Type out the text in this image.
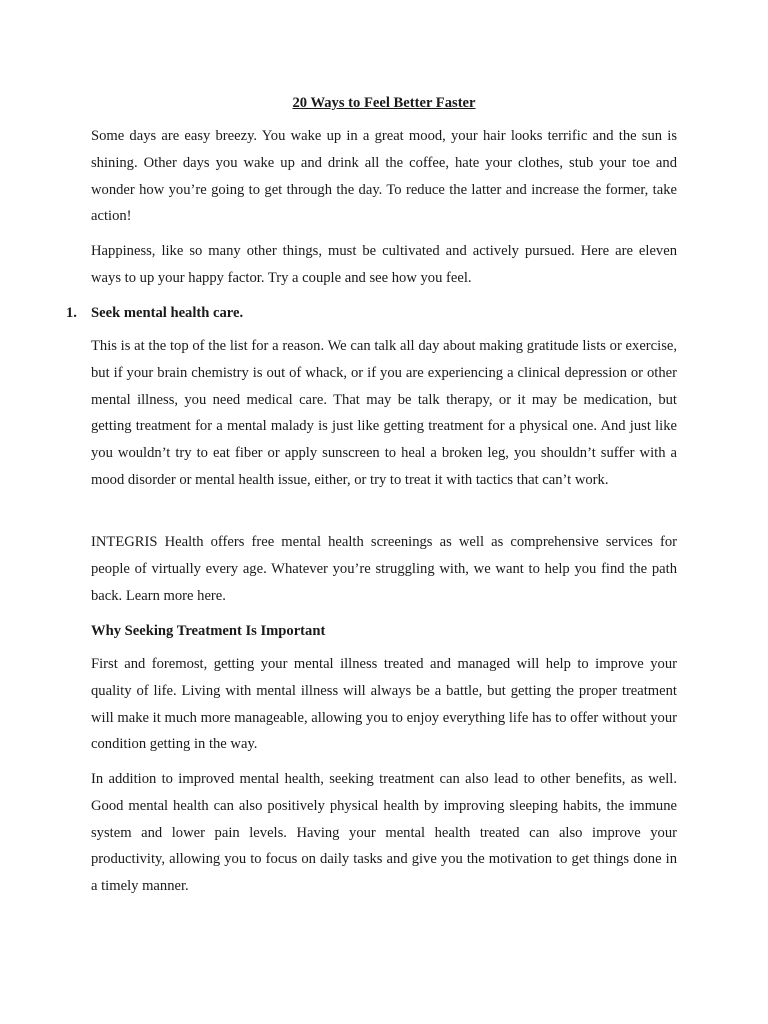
20 Ways to Feel Better Faster

Some days are easy breezy. You wake up in a great mood, your hair looks terrific and the sun is shining. Other days you wake up and drink all the coffee, hate your clothes, stub your toe and wonder how you’re going to get through the day. To reduce the latter and increase the former, take action!

Happiness, like so many other things, must be cultivated and actively pursued. Here are eleven ways to up your happy factor. Try a couple and see how you feel.

1. Seek mental health care.

This is at the top of the list for a reason. We can talk all day about making gratitude lists or exercise, but if your brain chemistry is out of whack, or if you are experiencing a clinical depression or other mental illness, you need medical care. That may be talk therapy, or it may be medication, but getting treatment for a mental malady is just like getting treatment for a physical one. And just like you wouldn’t try to eat fiber or apply sunscreen to heal a broken leg, you shouldn’t suffer with a mood disorder or mental health issue, either, or try to treat it with tactics that can’t work.

INTEGRIS Health offers free mental health screenings as well as comprehensive services for people of virtually every age. Whatever you’re struggling with, we want to help you find the path back. Learn more here.

Why Seeking Treatment Is Important

First and foremost, getting your mental illness treated and managed will help to improve your quality of life. Living with mental illness will always be a battle, but getting the proper treatment will make it much more manageable, allowing you to enjoy everything life has to offer without your condition getting in the way.

In addition to improved mental health, seeking treatment can also lead to other benefits, as well. Good mental health can also positively physical health by improving sleeping habits, the immune system and lower pain levels. Having your mental health treated can also improve your productivity, allowing you to focus on daily tasks and give you the motivation to get things done in a timely manner.
